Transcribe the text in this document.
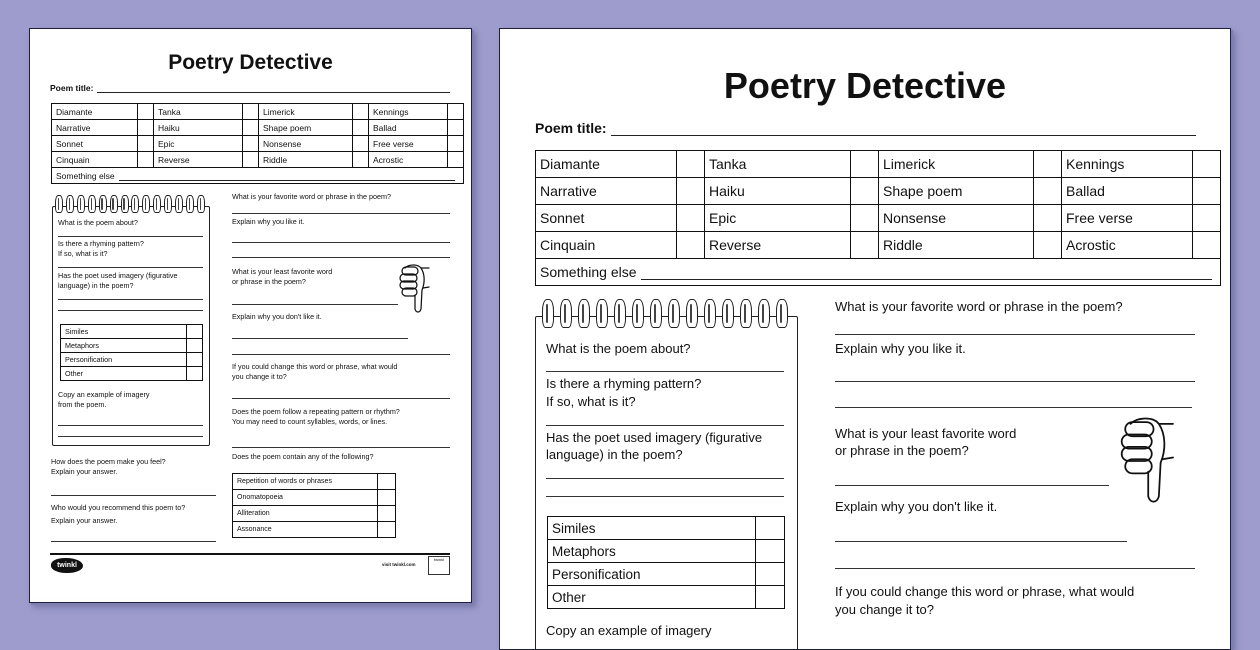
Poetry Detective
Poem title:
Diamante		Tanka		Limerick		Kennings	
Narrative		Haiku		Shape poem		Ballad	
Sonnet		Epic		Nonsense		Free verse	
Cinquain		Reverse		Riddle		Acrostic	

Something else							
What is the poem about?
Is there a rhyming pattern?
If so, what is it?
Has the poet used imagery (figurative
language) in the poem?
Similes	
Metaphors	
Personification	
Other	
Copy an example of imagery
from the poem.
What is your favorite word or phrase in the poem?
Explain why you like it.
What is your least favorite word
or phrase in the poem?
Explain why you don't like it.
If you could change this word or phrase, what would
you change it to?
Does the poem follow a repeating pattern or rhythm?
You may need to count syllables, words, or lines.
Does the poem contain any of the following?
Repetition of words or phrases	
Onomatopoeia	
Alliteration	
Assonance	
How does the poem make you feel?
Explain your answer.
Who would you recommend this poem to?
Explain your answer.
twinkl	visit twinkl.com
twinkl
Poetry Detective
Poem title:
Diamante		Tanka		Limerick		Kennings	
Narrative		Haiku		Shape poem		Ballad	
Sonnet		Epic		Nonsense		Free verse	
Cinquain		Reverse		Riddle		Acrostic	

Something else							
What is the poem about?
Is there a rhyming pattern?
If so, what is it?
Has the poet used imagery (figurative
language) in the poem?
Similes	
Metaphors	
Personification	
Other	
Copy an example of imagery
What is your favorite word or phrase in the poem?
Explain why you like it.
What is your least favorite word
or phrase in the poem?
Explain why you don't like it.
If you could change this word or phrase, what would
you change it to?
